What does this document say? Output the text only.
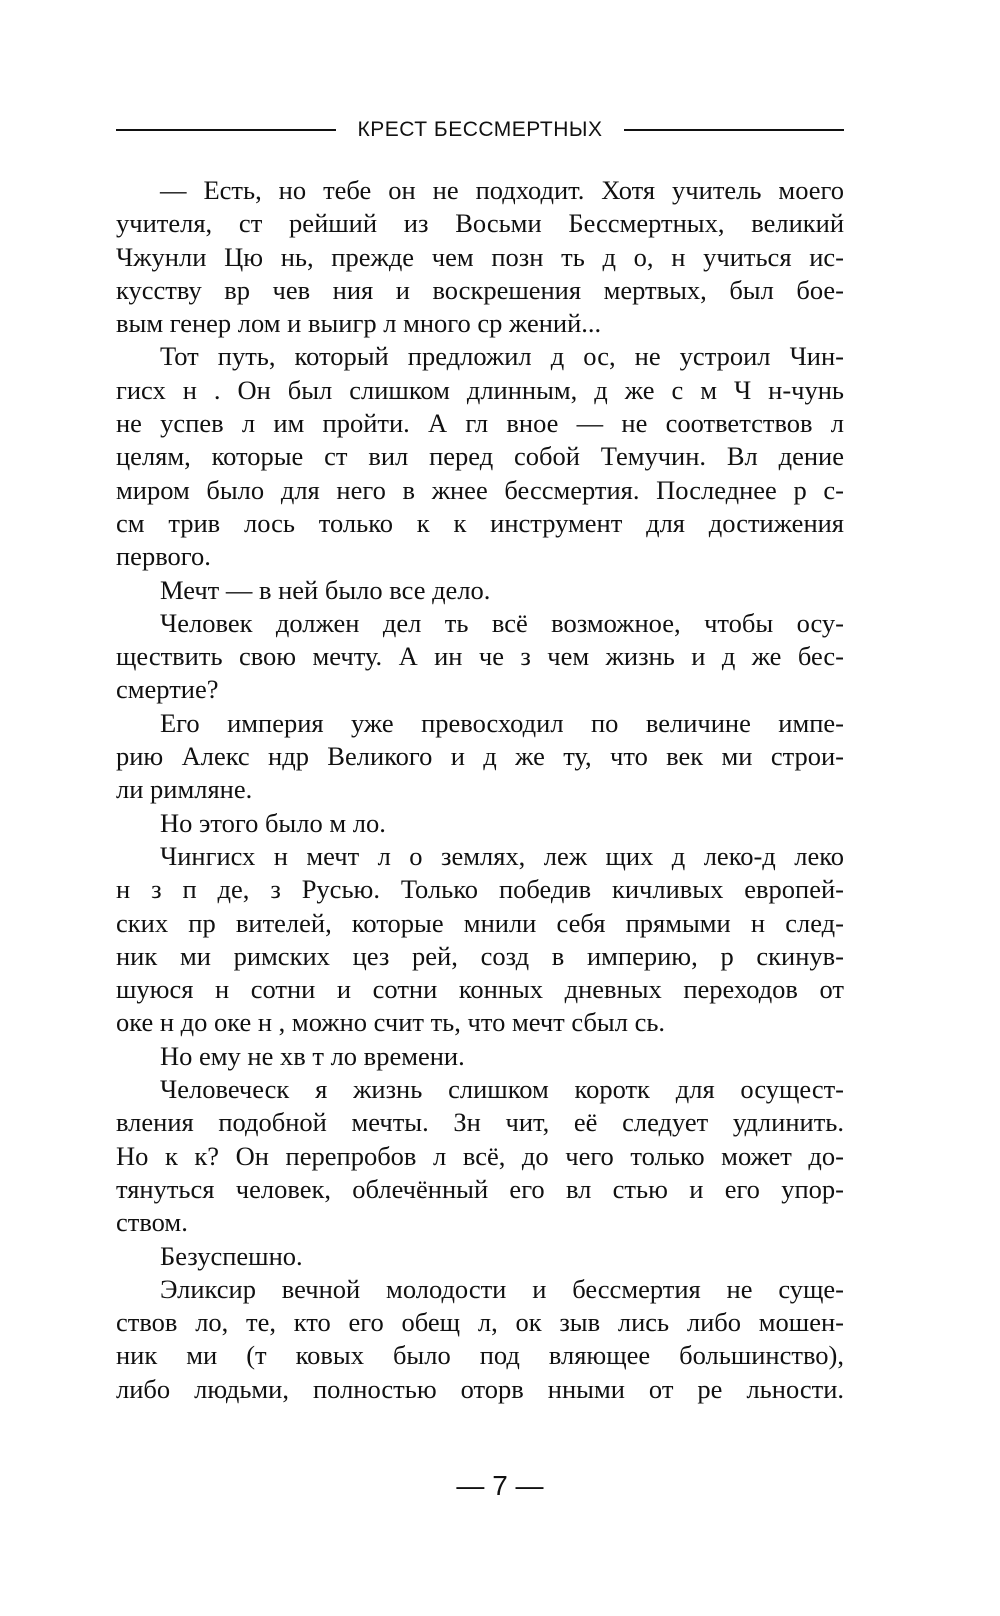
КРЕСТ БЕССМЕРТНЫХ
— Есть, но тебе он не подходит. Хотя учитель моего
учителя, ст рейший из Восьми Бессмертных, великий
Чжунли Цю нь, прежде чем позн ть д о, н учиться ис-
кусству вр чев ния и воскрешения мертвых, был бое-
вым генер лом и выигр л много ср жений...
Тот путь, который предложил д ос, не устроил Чин-
гисх н . Он был слишком длинным, д же с м Ч н-чунь
не успев л им пройти. А гл вное — не соответствов л
целям, которые ст вил перед собой Темучин. Вл дение
миром было для него в жнее бессмертия. Последнее р с-
см трив лось только к к инструмент для достижения
первого.
Мечт — в ней было все дело.
Человек должен дел ть всё возможное, чтобы осу-
ществить свою мечту. А ин че з чем жизнь и д же бес-
смертие?
Его империя уже превосходил по величине импе-
рию Алекс ндр Великого и д же ту, что век ми строи-
ли римляне.
Но этого было м ло.
Чингисх н мечт л о землях, леж щих д леко-д леко
н з п де, з Русью. Только победив кичливых европей-
ских пр вителей, которые мнили себя прямыми н след-
ник ми римских цез рей, созд в империю, р скинув-
шуюся н сотни и сотни конных дневных переходов от
оке н до оке н , можно счит ть, что мечт сбыл сь.
Но ему не хв т ло времени.
Человеческ я жизнь слишком коротк для осущест-
вления подобной мечты. Зн чит, её следует удлинить.
Но к к? Он перепробов л всё, до чего только может до-
тянуться человек, облечённый его вл стью и его упор-
ством.
Безуспешно.
Эликсир вечной молодости и бессмертия не суще-
ствов ло, те, кто его обещ л, ок зыв лись либо мошен-
ник ми (т ковых было под вляющее большинство),
либо людьми, полностью оторв нными от ре льности.
— 7 —
